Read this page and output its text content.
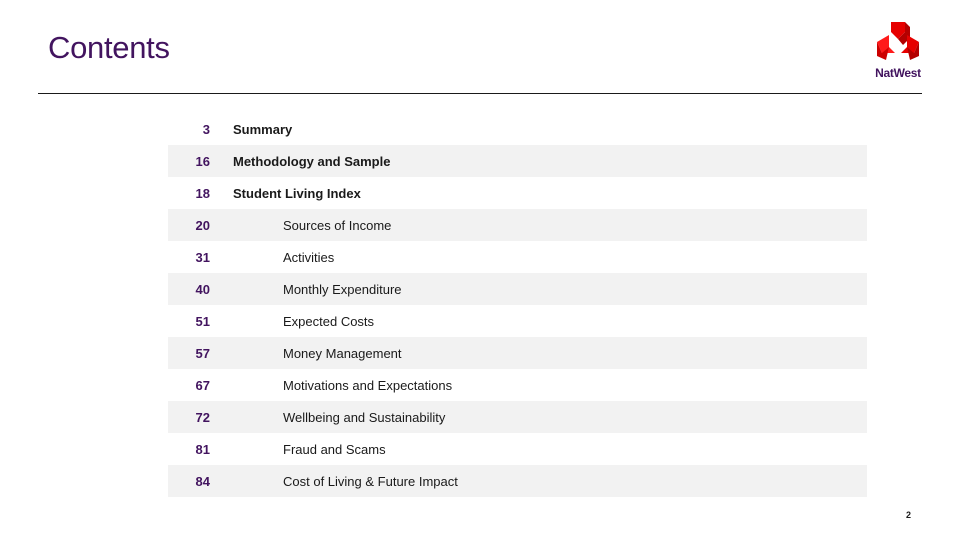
Contents
NatWest
3 Summary
16 Methodology and Sample
18 Student Living Index
20	Sources of Income
31	Activities
40	Monthly Expenditure
51	Expected Costs
57	Money Management
67	Motivations and Expectations
72	Wellbeing and Sustainability
81	Fraud and Scams
84	Cost of Living & Future Impact
2
